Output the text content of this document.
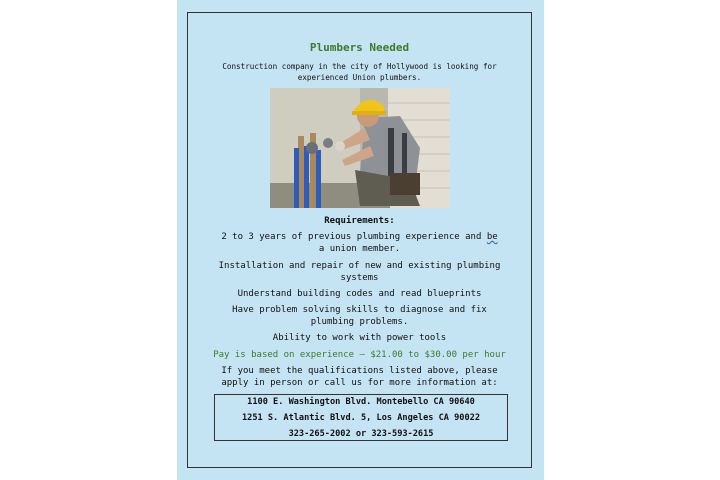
Plumbers Needed
Construction company in the city of Hollywood is looking for experienced Union plumbers.
Requirements:
2 to 3 years of previous plumbing experience and be a union member.
Installation and repair of new and existing plumbing systems
Understand building codes and read blueprints
Have problem solving skills to diagnose and fix plumbing problems.
Ability to work with power tools
Pay is based on experience – $21.00 to $30.00 per hour
If you meet the qualifications listed above, please apply in person or call us for more information at:
1100 E. Washington Blvd. Montebello CA 90640
1251 S. Atlantic Blvd. 5, Los Angeles CA 90022
323-265-2002 or 323-593-2615
